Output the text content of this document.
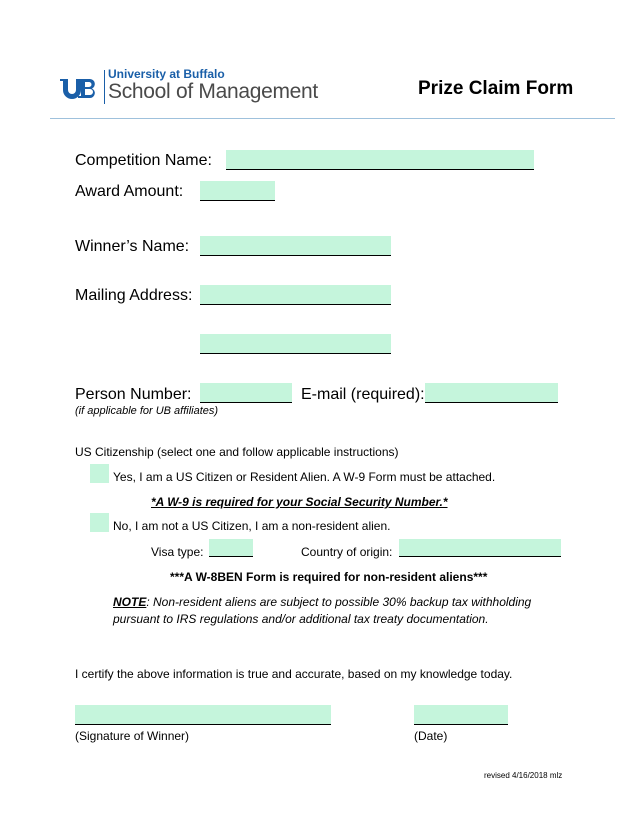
University at Buffalo
School of Management	Prize Claim Form
Competition Name:
Award Amount:
Winner’s Name:
Mailing Address:
Person Number:	E-mail (required):
(if applicable for UB affiliates)
US Citizenship (select one and follow applicable instructions)
Yes, I am a US Citizen or Resident Alien. A W-9 Form must be attached.
*A W-9 is required for your Social Security Number.*
No, I am not a US Citizen, I am a non-resident alien.
Visa type:	Country of origin:
***A W-8BEN Form is required for non-resident aliens***
NOTE: Non-resident aliens are subject to possible 30% backup tax withholding
pursuant to IRS regulations and/or additional tax treaty documentation.
I certify the above information is true and accurate, based on my knowledge today.
(Signature of Winner)	(Date)
revised 4/16/2018 mlz
